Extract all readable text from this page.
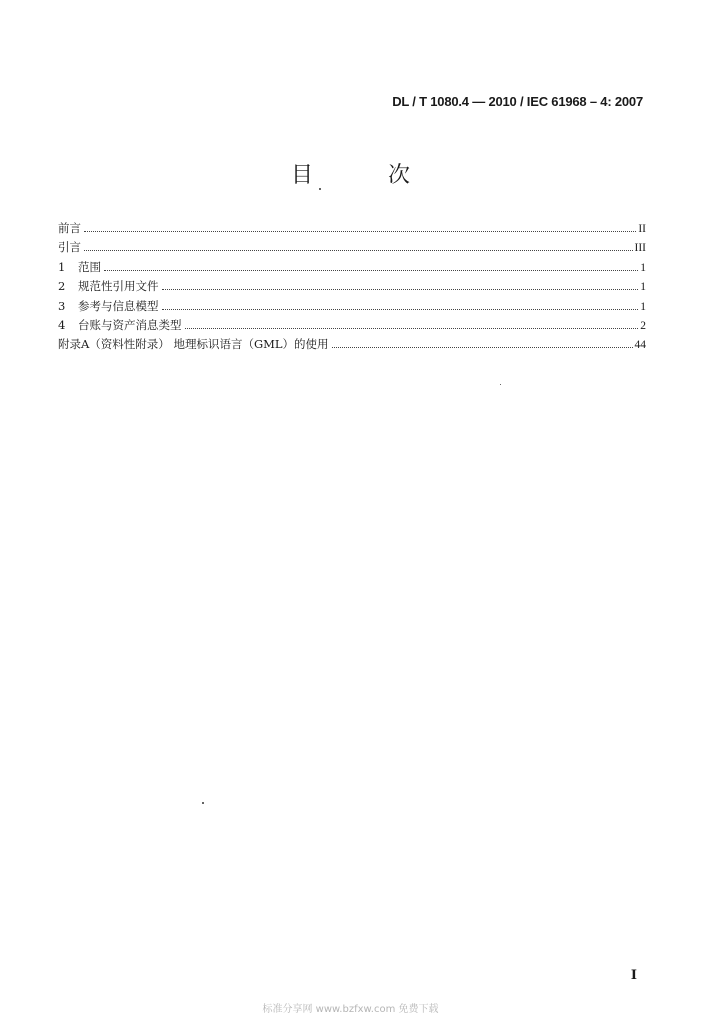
DL / T 1080.4 — 2010 / IEC 61968 – 4: 2007
目 次
前言	II
引言	III
1	范围	1
2	规范性引用文件	1
3	参考与信息模型	1
4	台账与资产消息类型	2
附录A（资料性附录） 地理标识语言（GML）的使用	44
I
标准分享网 www.bzfxw.com 免费下载
